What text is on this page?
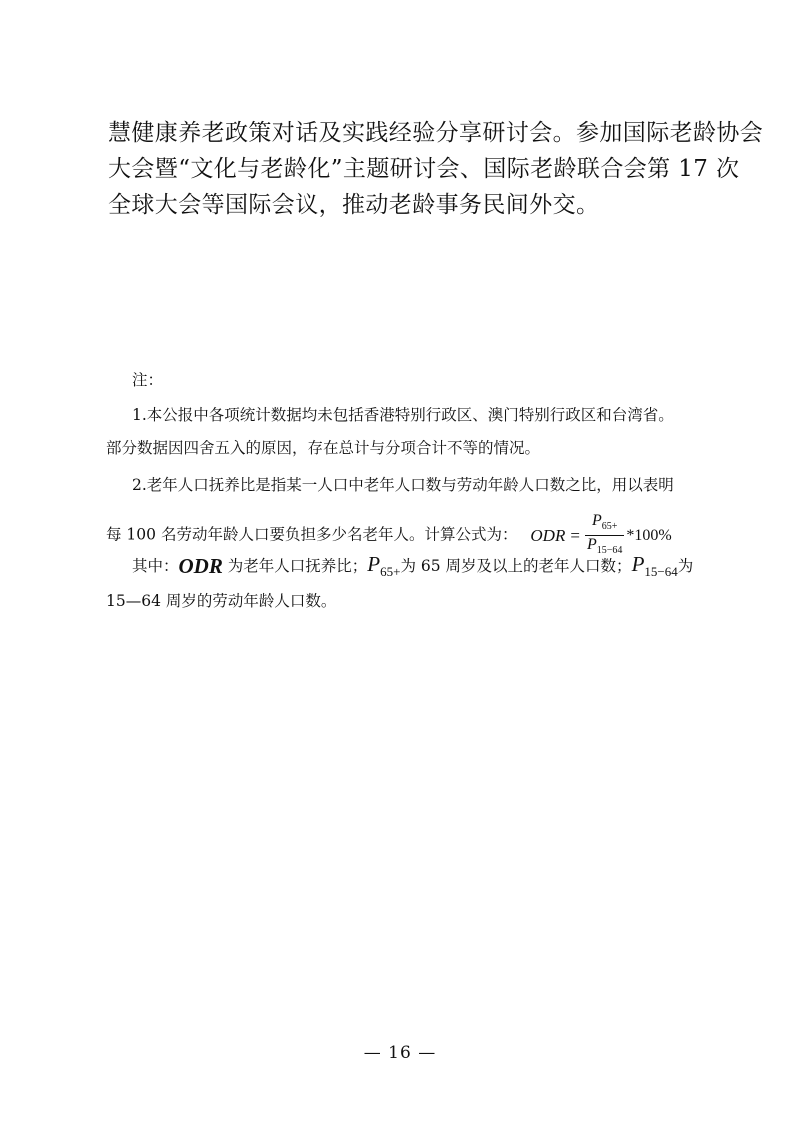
慧健康养老政策对话及实践经验分享研讨会。参加国际老龄协会

大会暨“文化与老龄化”主题研讨会、国际老龄联合会第 17 次

全球大会等国际会议，推动老龄事务民间外交。

注：

1.本公报中各项统计数据均未包括香港特别行政区、澳门特别行政区和台湾省。

部分数据因四舍五入的原因，存在总计与分项合计不等的情况。

2.老年人口抚养比是指某一人口中老年人口数与劳动年龄人口数之比，用以表明

每 100 名劳动年龄人口要负担多少名老年人。计算公式为： ODR = $\frac{P_{65+}}{P_{15-64}} *100\%$

其中：ODR 为老年人口抚养比；$P_{65+}$为 65 周岁及以上的老年人口数；$P_{15-64}$为

15—64 周岁的劳动年龄人口数。

— 16 —
